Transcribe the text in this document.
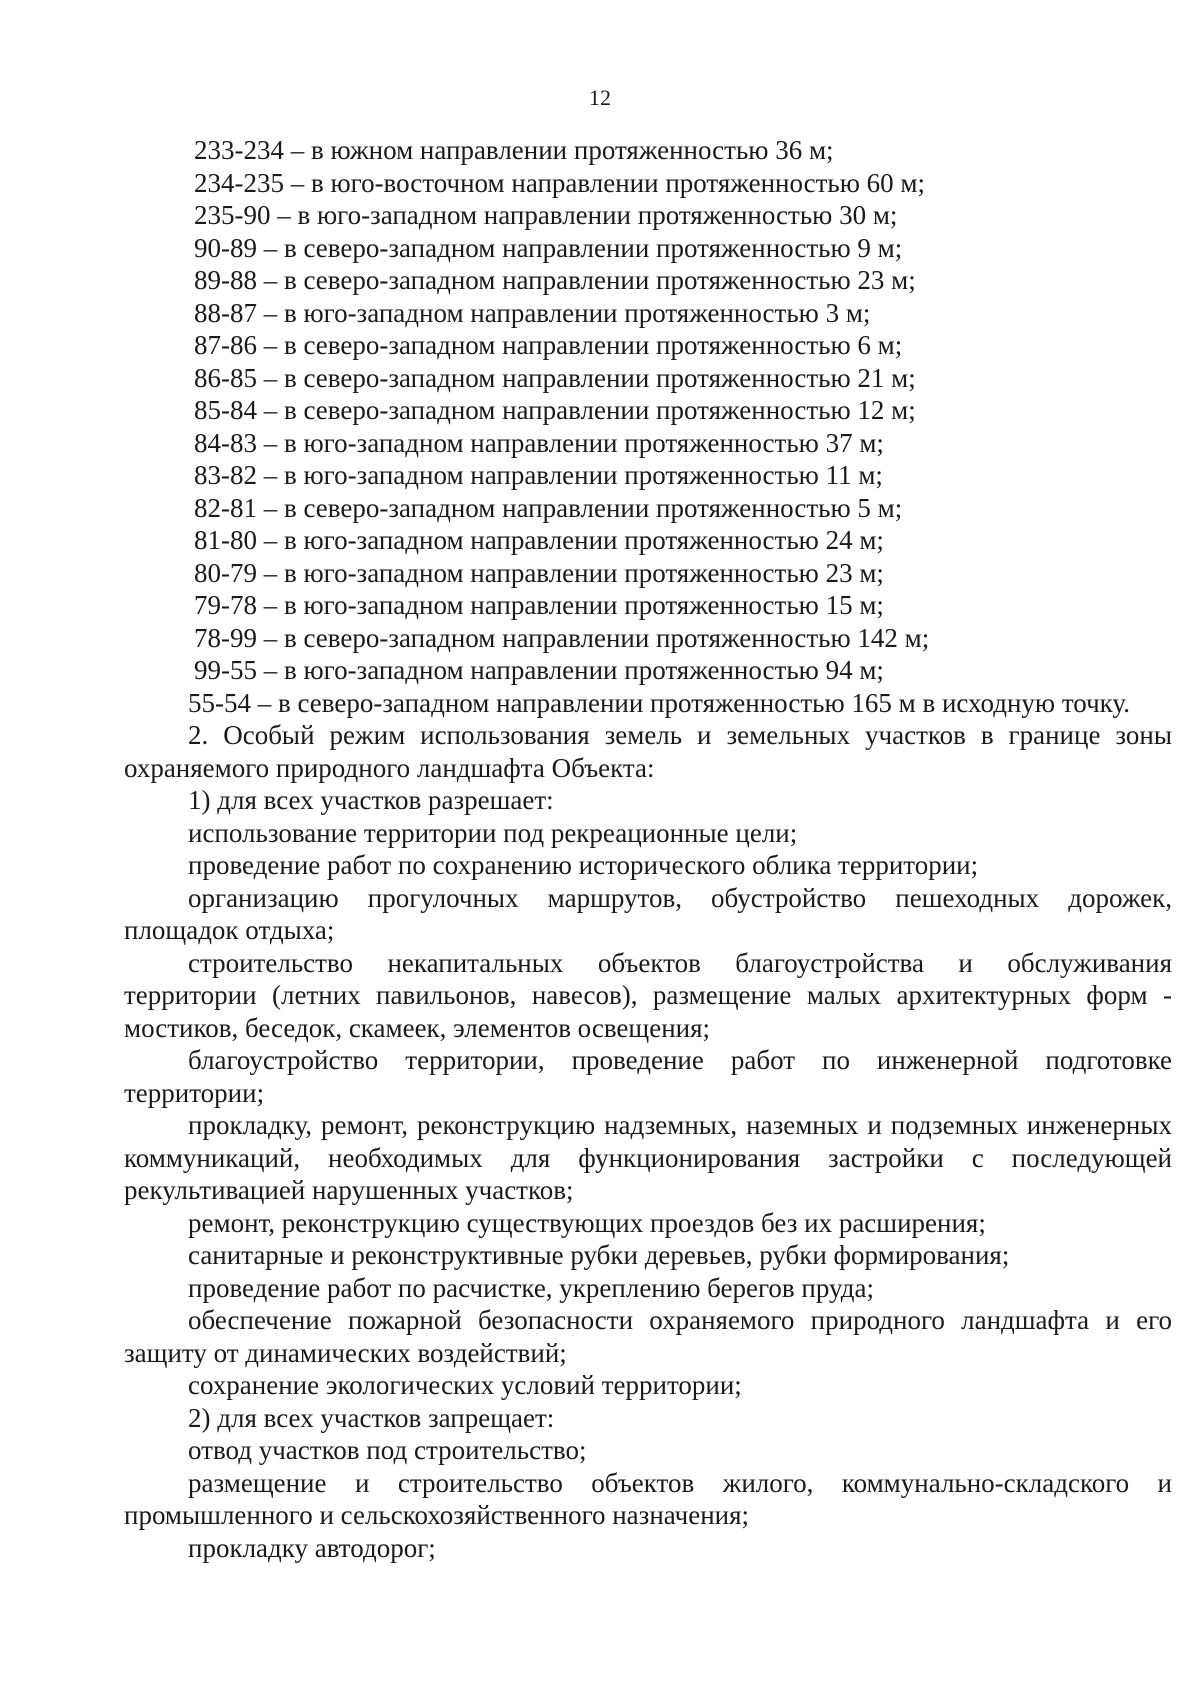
12
233-234 – в южном направлении протяженностью 36 м;
234-235 – в юго-восточном направлении протяженностью 60 м;
235-90 – в юго-западном направлении протяженностью 30 м;
90-89 – в северо-западном направлении протяженностью 9 м;
89-88 – в северо-западном направлении протяженностью 23 м;
88-87 – в юго-западном направлении протяженностью 3 м;
87-86 – в северо-западном направлении протяженностью 6 м;
86-85 – в северо-западном направлении протяженностью 21 м;
85-84 – в северо-западном направлении протяженностью 12 м;
84-83 – в юго-западном направлении протяженностью 37 м;
83-82 – в юго-западном направлении протяженностью 11 м;
82-81 – в северо-западном направлении протяженностью 5 м;
81-80 – в юго-западном направлении протяженностью 24 м;
80-79 – в юго-западном направлении протяженностью 23 м;
79-78 – в юго-западном направлении протяженностью 15 м;
78-99 – в северо-западном направлении протяженностью 142 м;
99-55 – в юго-западном направлении протяженностью 94 м;

55-54 – в северо-западном направлении протяженностью 165 м в исходную точку.

2. Особый режим использования земель и земельных участков в границе зоны охраняемого природного ландшафта Объекта:

1) для всех участков разрешает:

использование территории под рекреационные цели;

проведение работ по сохранению исторического облика территории;

организацию прогулочных маршрутов, обустройство пешеходных дорожек, площадок отдыха;

строительство некапитальных объектов благоустройства и обслуживания территории (летних павильонов, навесов), размещение малых архитектурных форм - мостиков, беседок, скамеек, элементов освещения;

благоустройство территории, проведение работ по инженерной подготовке территории;

прокладку, ремонт, реконструкцию надземных, наземных и подземных инженерных коммуникаций, необходимых для функционирования застройки с последующей рекультивацией нарушенных участков;

ремонт, реконструкцию существующих проездов без их расширения;

санитарные и реконструктивные рубки деревьев, рубки формирования;

проведение работ по расчистке, укреплению берегов пруда;

обеспечение пожарной безопасности охраняемого природного ландшафта и его защиту от динамических воздействий;

сохранение экологических условий территории;

2) для всех участков запрещает:

отвод участков под строительство;

размещение и строительство объектов жилого, коммунально-складского и промышленного и сельскохозяйственного назначения;

прокладку автодорог;
